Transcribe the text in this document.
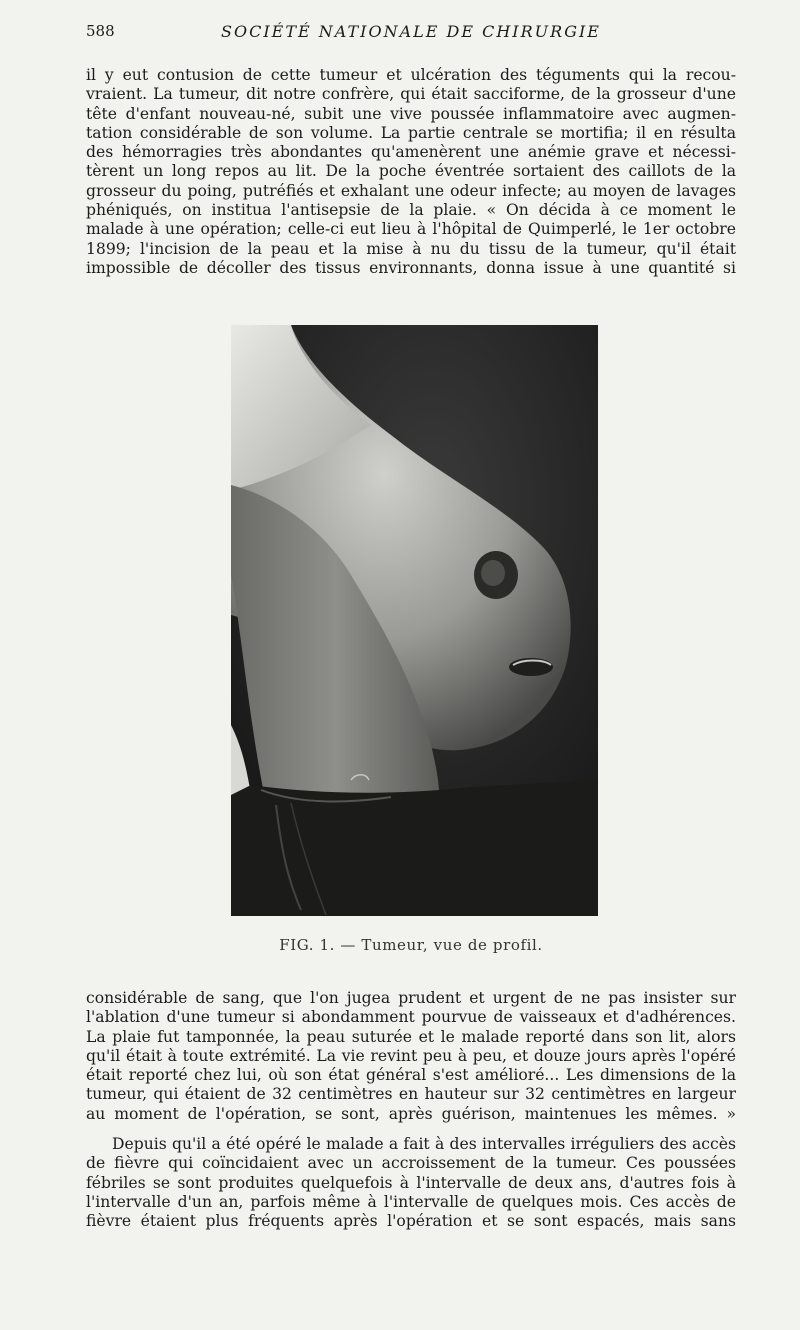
588	SOCIÉTÉ NATIONALE DE CHIRURGIE

il y eut contusion de cette tumeur et ulcération des téguments qui la recou-
vraient. La tumeur, dit notre confrère, qui était sacciforme, de la grosseur d'une
tête d'enfant nouveau-né, subit une vive poussée inflammatoire avec augmen-
tation considérable de son volume. La partie centrale se mortifia; il en résulta
des hémorragies très abondantes qu'amenèrent une anémie grave et nécessi-
tèrent un long repos au lit. De la poche éventrée sortaient des caillots de la
grosseur du poing, putréfiés et exhalant une odeur infecte; au moyen de lavages
phéniqués, on institua l'antisepsie de la plaie. « On décida à ce moment le
malade à une opération; celle-ci eut lieu à l'hôpital de Quimperlé, le 1er octobre
1899; l'incision de la peau et la mise à nu du tissu de la tumeur, qu'il était
impossible de décoller des tissus environnants, donna issue à une quantité si

FIG. 1. — Tumeur, vue de profil.

considérable de sang, que l'on jugea prudent et urgent de ne pas insister sur
l'ablation d'une tumeur si abondamment pourvue de vaisseaux et d'adhérences.
La plaie fut tamponnée, la peau suturée et le malade reporté dans son lit, alors
qu'il était à toute extrémité. La vie revint peu à peu, et douze jours après l'opéré
était reporté chez lui, où son état général s'est amélioré... Les dimensions de la
tumeur, qui étaient de 32 centimètres en hauteur sur 32 centimètres en largeur
au moment de l'opération, se sont, après guérison, maintenues les mêmes. »

Depuis qu'il a été opéré le malade a fait à des intervalles irréguliers des accès
de fièvre qui coïncidaient avec un accroissement de la tumeur. Ces poussées
fébriles se sont produites quelquefois à l'intervalle de deux ans, d'autres fois à
l'intervalle d'un an, parfois même à l'intervalle de quelques mois. Ces accès de
fièvre étaient plus fréquents après l'opération et se sont espacés, mais sans
